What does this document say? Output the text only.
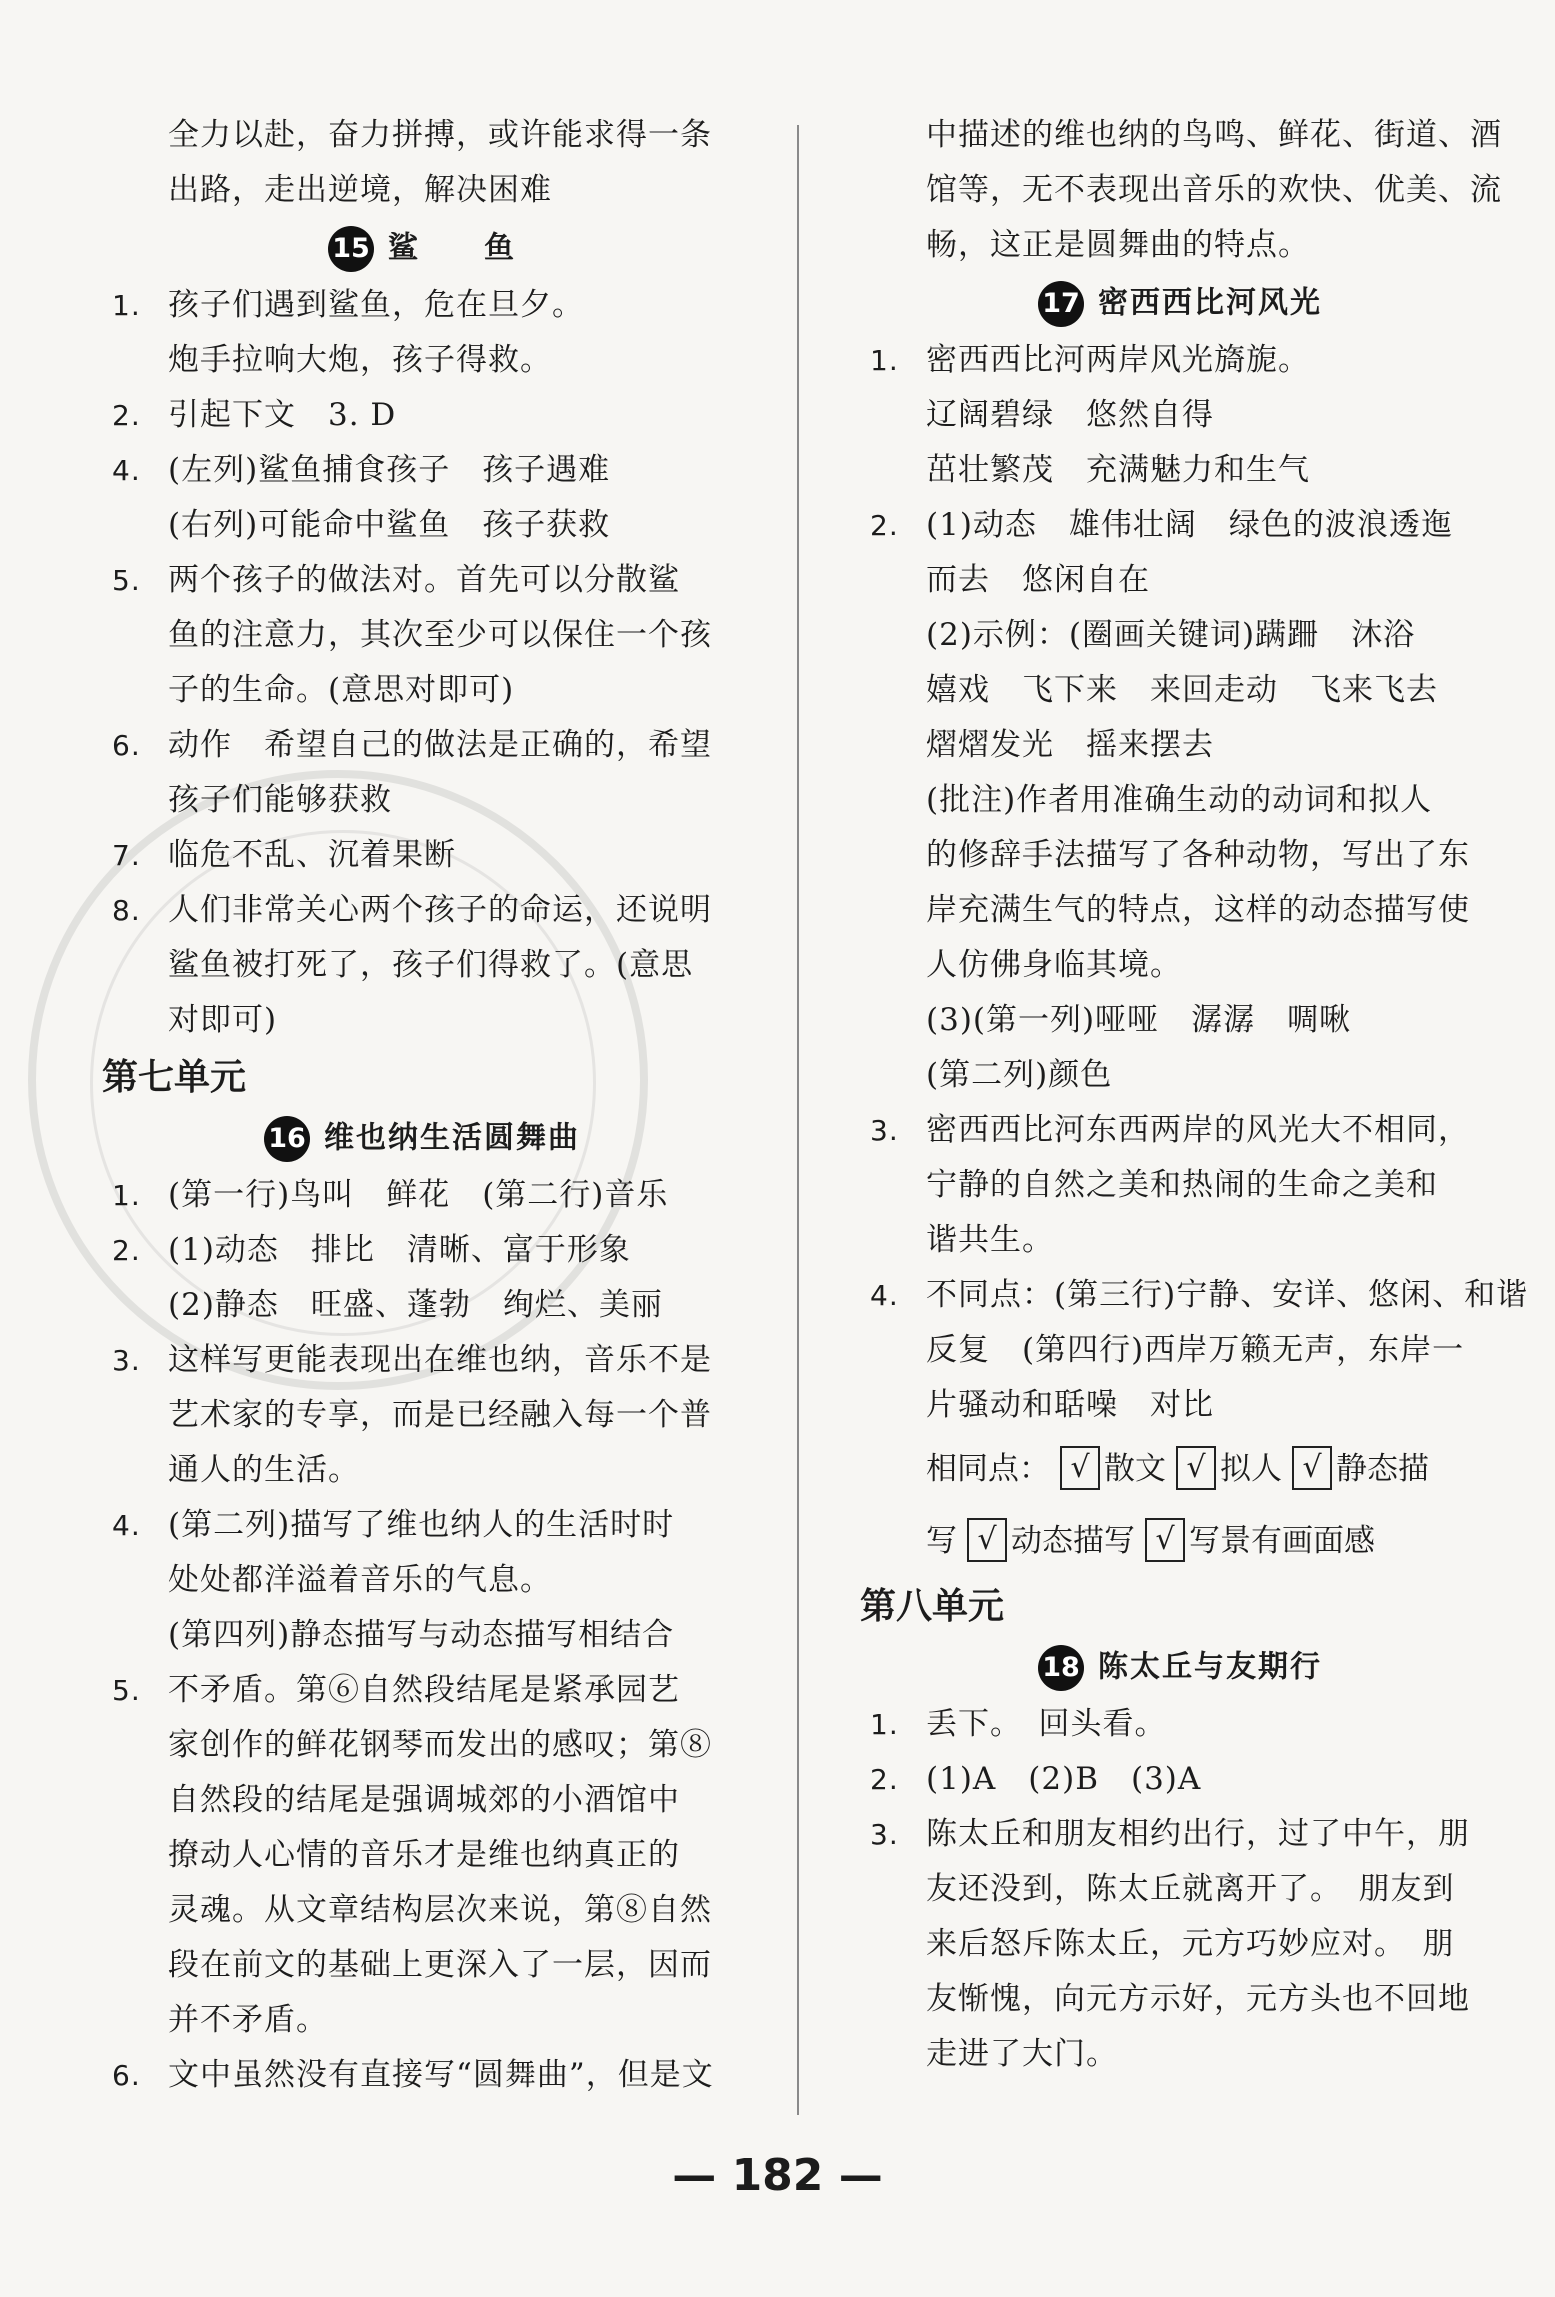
全力以赴，奋力拼搏，或许能求得一条
出路，走出逆境，解决困难
15 鲨　　鱼
1. 孩子们遇到鲨鱼，危在旦夕。
炮手拉响大炮，孩子得救。
2. 引起下文　3. D
4. (左列)鲨鱼捕食孩子　孩子遇难
(右列)可能命中鲨鱼　孩子获救
5. 两个孩子的做法对。首先可以分散鲨
鱼的注意力，其次至少可以保住一个孩
子的生命。(意思对即可)
6. 动作　希望自己的做法是正确的，希望
孩子们能够获救
7. 临危不乱、沉着果断
8. 人们非常关心两个孩子的命运，还说明
鲨鱼被打死了，孩子们得救了。(意思
对即可)
第七单元
16 维也纳生活圆舞曲
1. (第一行)鸟叫　鲜花　(第二行)音乐
2. (1)动态　排比　清晰、富于形象
(2)静态　旺盛、蓬勃　绚烂、美丽
3. 这样写更能表现出在维也纳，音乐不是
艺术家的专享，而是已经融入每一个普
通人的生活。
4. (第二列)描写了维也纳人的生活时时
处处都洋溢着音乐的气息。
(第四列)静态描写与动态描写相结合
5. 不矛盾。第⑥自然段结尾是紧承园艺
家创作的鲜花钢琴而发出的感叹；第⑧
自然段的结尾是强调城郊的小酒馆中
撩动人心情的音乐才是维也纳真正的
灵魂。从文章结构层次来说，第⑧自然
段在前文的基础上更深入了一层，因而
并不矛盾。
6. 文中虽然没有直接写“圆舞曲”，但是文
中描述的维也纳的鸟鸣、鲜花、街道、酒
馆等，无不表现出音乐的欢快、优美、流
畅，这正是圆舞曲的特点。
17 密西西比河风光
1. 密西西比河两岸风光旖旎。
辽阔碧绿　悠然自得
茁壮繁茂　充满魅力和生气
2. (1)动态　雄伟壮阔　绿色的波浪透迤
而去　悠闲自在
(2)示例：(圈画关键词)蹒跚　沐浴
嬉戏　飞下来　来回走动　飞来飞去
熠熠发光　摇来摆去
(批注)作者用准确生动的动词和拟人
的修辞手法描写了各种动物，写出了东
岸充满生气的特点，这样的动态描写使
人仿佛身临其境。
(3)(第一列)哑哑　潺潺　啁啾
(第二列)颜色
3. 密西西比河东西两岸的风光大不相同，
宁静的自然之美和热闹的生命之美和
谐共生。
4. 不同点：(第三行)宁静、安详、悠闲、和谐
反复　(第四行)西岸万籁无声，东岸一
片骚动和聒噪　对比
相同点： √ 散文 √ 拟人 √ 静态描
写 √ 动态描写 √ 写景有画面感
第八单元
18 陈太丘与友期行
1. 丢下。　回头看。
2. (1)A　(2)B　(3)A
3. 陈太丘和朋友相约出行，过了中午，朋
友还没到，陈太丘就离开了。　朋友到
来后怒斥陈太丘，元方巧妙应对。　朋
友惭愧，向元方示好，元方头也不回地
走进了大门。
— 182 —
